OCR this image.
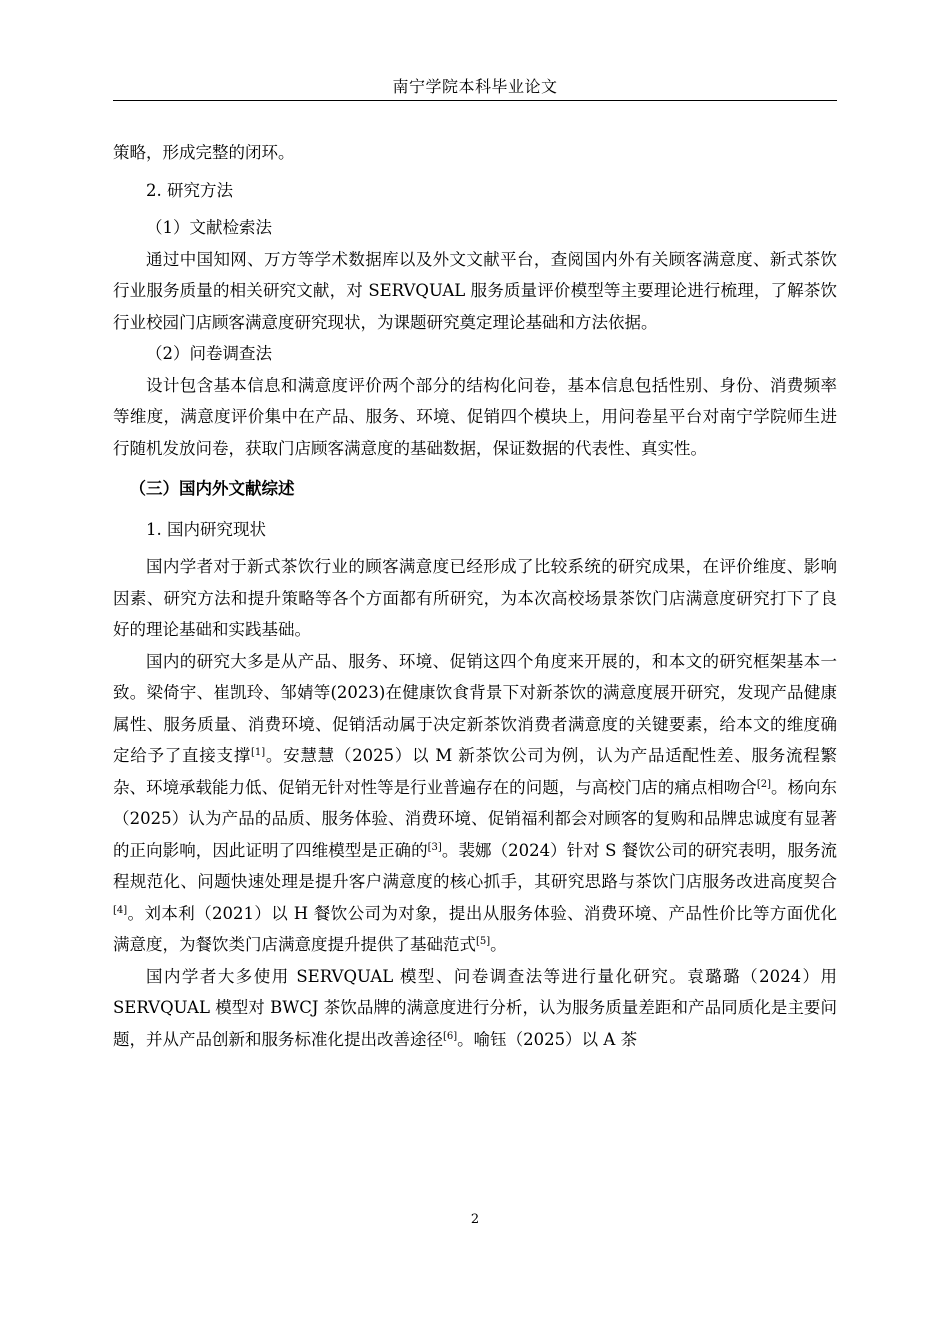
南宁学院本科毕业论文

策略，形成完整的闭环。

2. 研究方法

（1）文献检索法

通过中国知网、万方等学术数据库以及外文文献平台，查阅国内外有关顾客满意度、新式茶饮行业服务质量的相关研究文献，对 SERVQUAL 服务质量评价模型等主要理论进行梳理，了解茶饮行业校园门店顾客满意度研究现状，为课题研究奠定理论基础和方法依据。

（2）问卷调查法

设计包含基本信息和满意度评价两个部分的结构化问卷，基本信息包括性别、身份、消费频率等维度，满意度评价集中在产品、服务、环境、促销四个模块上，用问卷星平台对南宁学院师生进行随机发放问卷，获取门店顾客满意度的基础数据，保证数据的代表性、真实性。

（三）国内外文献综述

1. 国内研究现状

国内学者对于新式茶饮行业的顾客满意度已经形成了比较系统的研究成果，在评价维度、影响因素、研究方法和提升策略等各个方面都有所研究，为本次高校场景茶饮门店满意度研究打下了良好的理论基础和实践基础。

国内的研究大多是从产品、服务、环境、促销这四个角度来开展的，和本文的研究框架基本一致。梁倚宇、崔凯玲、邹婧等(2023)在健康饮食背景下对新茶饮的满意度展开研究，发现产品健康属性、服务质量、消费环境、促销活动属于决定新茶饮消费者满意度的关键要素，给本文的维度确定给予了直接支撑[1]。安慧慧（2025）以 M 新茶饮公司为例，认为产品适配性差、服务流程繁杂、环境承载能力低、促销无针对性等是行业普遍存在的问题，与高校门店的痛点相吻合[2]。杨向东（2025）认为产品的品质、服务体验、消费环境、促销福利都会对顾客的复购和品牌忠诚度有显著的正向影响，因此证明了四维模型是正确的[3]。裴娜（2024）针对 S 餐饮公司的研究表明，服务流程规范化、问题快速处理是提升客户满意度的核心抓手，其研究思路与茶饮门店服务改进高度契合[4]。刘本利（2021）以 H 餐饮公司为对象，提出从服务体验、消费环境、产品性价比等方面优化满意度，为餐饮类门店满意度提升提供了基础范式[5]。

国内学者大多使用 SERVQUAL 模型、问卷调查法等进行量化研究。袁璐璐（2024）用 SERVQUAL 模型对 BWCJ 茶饮品牌的满意度进行分析，认为服务质量差距和产品同质化是主要问题，并从产品创新和服务标准化提出改善途径[6]。喻钰（2025）以 A 茶

2
